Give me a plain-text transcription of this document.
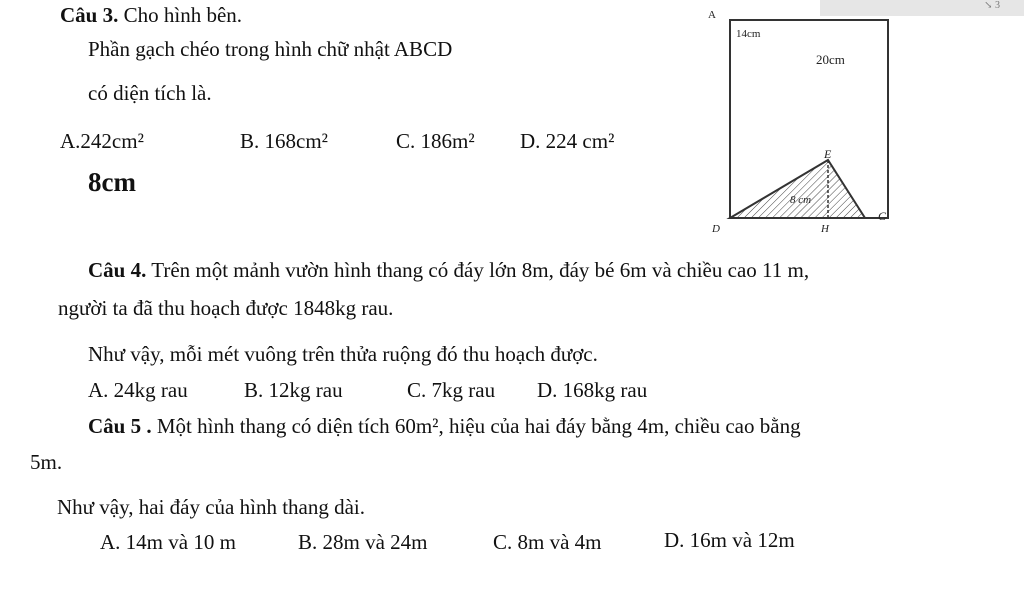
↘ 3
Câu 3. Cho hình bên.
Phần gạch chéo trong hình chữ nhật ABCD
có diện tích là.
A.242cm²	B. 168cm²	C. 186m² D. 224 cm²
8cm
A
14cm
20cm
E
8 cm
D	H
C
Câu 4. Trên một mảnh vườn hình thang có đáy lớn 8m, đáy bé 6m và chiều cao 11 m,
người ta đã thu hoạch được 1848kg rau.
Như vậy, mỗi mét vuông trên thửa ruộng đó thu hoạch được.
A. 24kg rau	B. 12kg rau	C. 7kg rau D. 168kg rau
Câu 5 . Một hình thang có diện tích 60m², hiệu của hai đáy bằng 4m, chiều cao bằng
5m.
Như vậy, hai đáy của hình thang dài.
A. 14m và 10 m	B. 28m và 24m	C. 8m và 4m	D. 16m và 12m
